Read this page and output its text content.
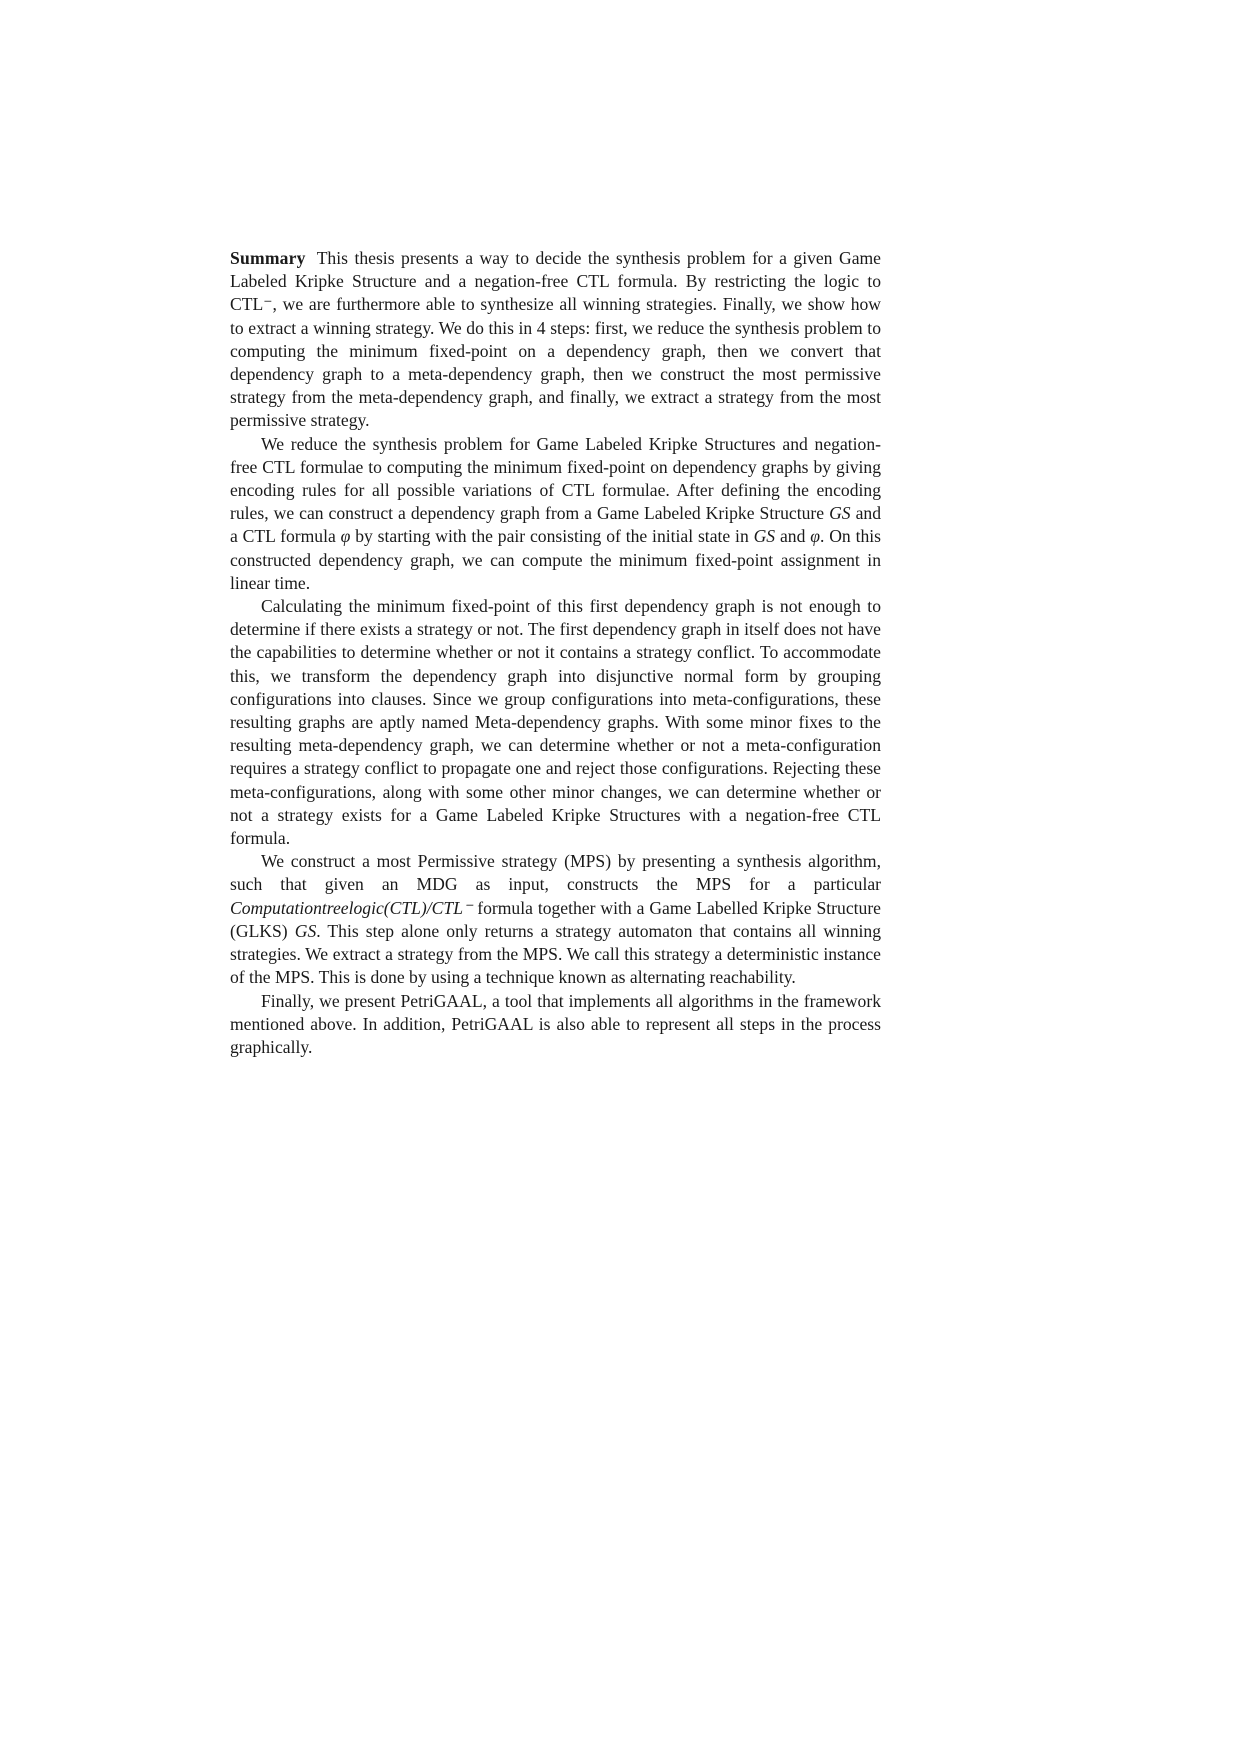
Summary This thesis presents a way to decide the synthesis problem for a given Game Labeled Kripke Structure and a negation-free CTL formula. By restricting the logic to CTL⁻, we are furthermore able to synthesize all winning strategies. Finally, we show how to extract a winning strategy. We do this in 4 steps: first, we reduce the synthesis problem to computing the minimum fixed-point on a dependency graph, then we convert that dependency graph to a meta-dependency graph, then we construct the most permissive strategy from the meta-dependency graph, and finally, we extract a strategy from the most permissive strategy.

We reduce the synthesis problem for Game Labeled Kripke Structures and negation-free CTL formulae to computing the minimum fixed-point on dependency graphs by giving encoding rules for all possible variations of CTL formulae. After defining the encoding rules, we can construct a dependency graph from a Game Labeled Kripke Structure GS and a CTL formula φ by starting with the pair consisting of the initial state in GS and φ. On this constructed dependency graph, we can compute the minimum fixed-point assignment in linear time.

Calculating the minimum fixed-point of this first dependency graph is not enough to determine if there exists a strategy or not. The first dependency graph in itself does not have the capabilities to determine whether or not it contains a strategy conflict. To accommodate this, we transform the dependency graph into disjunctive normal form by grouping configurations into clauses. Since we group configurations into meta-configurations, these resulting graphs are aptly named Meta-dependency graphs. With some minor fixes to the resulting meta-dependency graph, we can determine whether or not a meta-configuration requires a strategy conflict to propagate one and reject those configurations. Rejecting these meta-configurations, along with some other minor changes, we can determine whether or not a strategy exists for a Game Labeled Kripke Structures with a negation-free CTL formula.

We construct a most Permissive strategy (MPS) by presenting a synthesis algorithm, such that given an MDG as input, constructs the MPS for a particular Computationtreelogic(CTL)/CTL⁻ formula together with a Game Labelled Kripke Structure (GLKS) GS. This step alone only returns a strategy automaton that contains all winning strategies. We extract a strategy from the MPS. We call this strategy a deterministic instance of the MPS. This is done by using a technique known as alternating reachability.

Finally, we present PetriGAAL, a tool that implements all algorithms in the framework mentioned above. In addition, PetriGAAL is also able to represent all steps in the process graphically.
